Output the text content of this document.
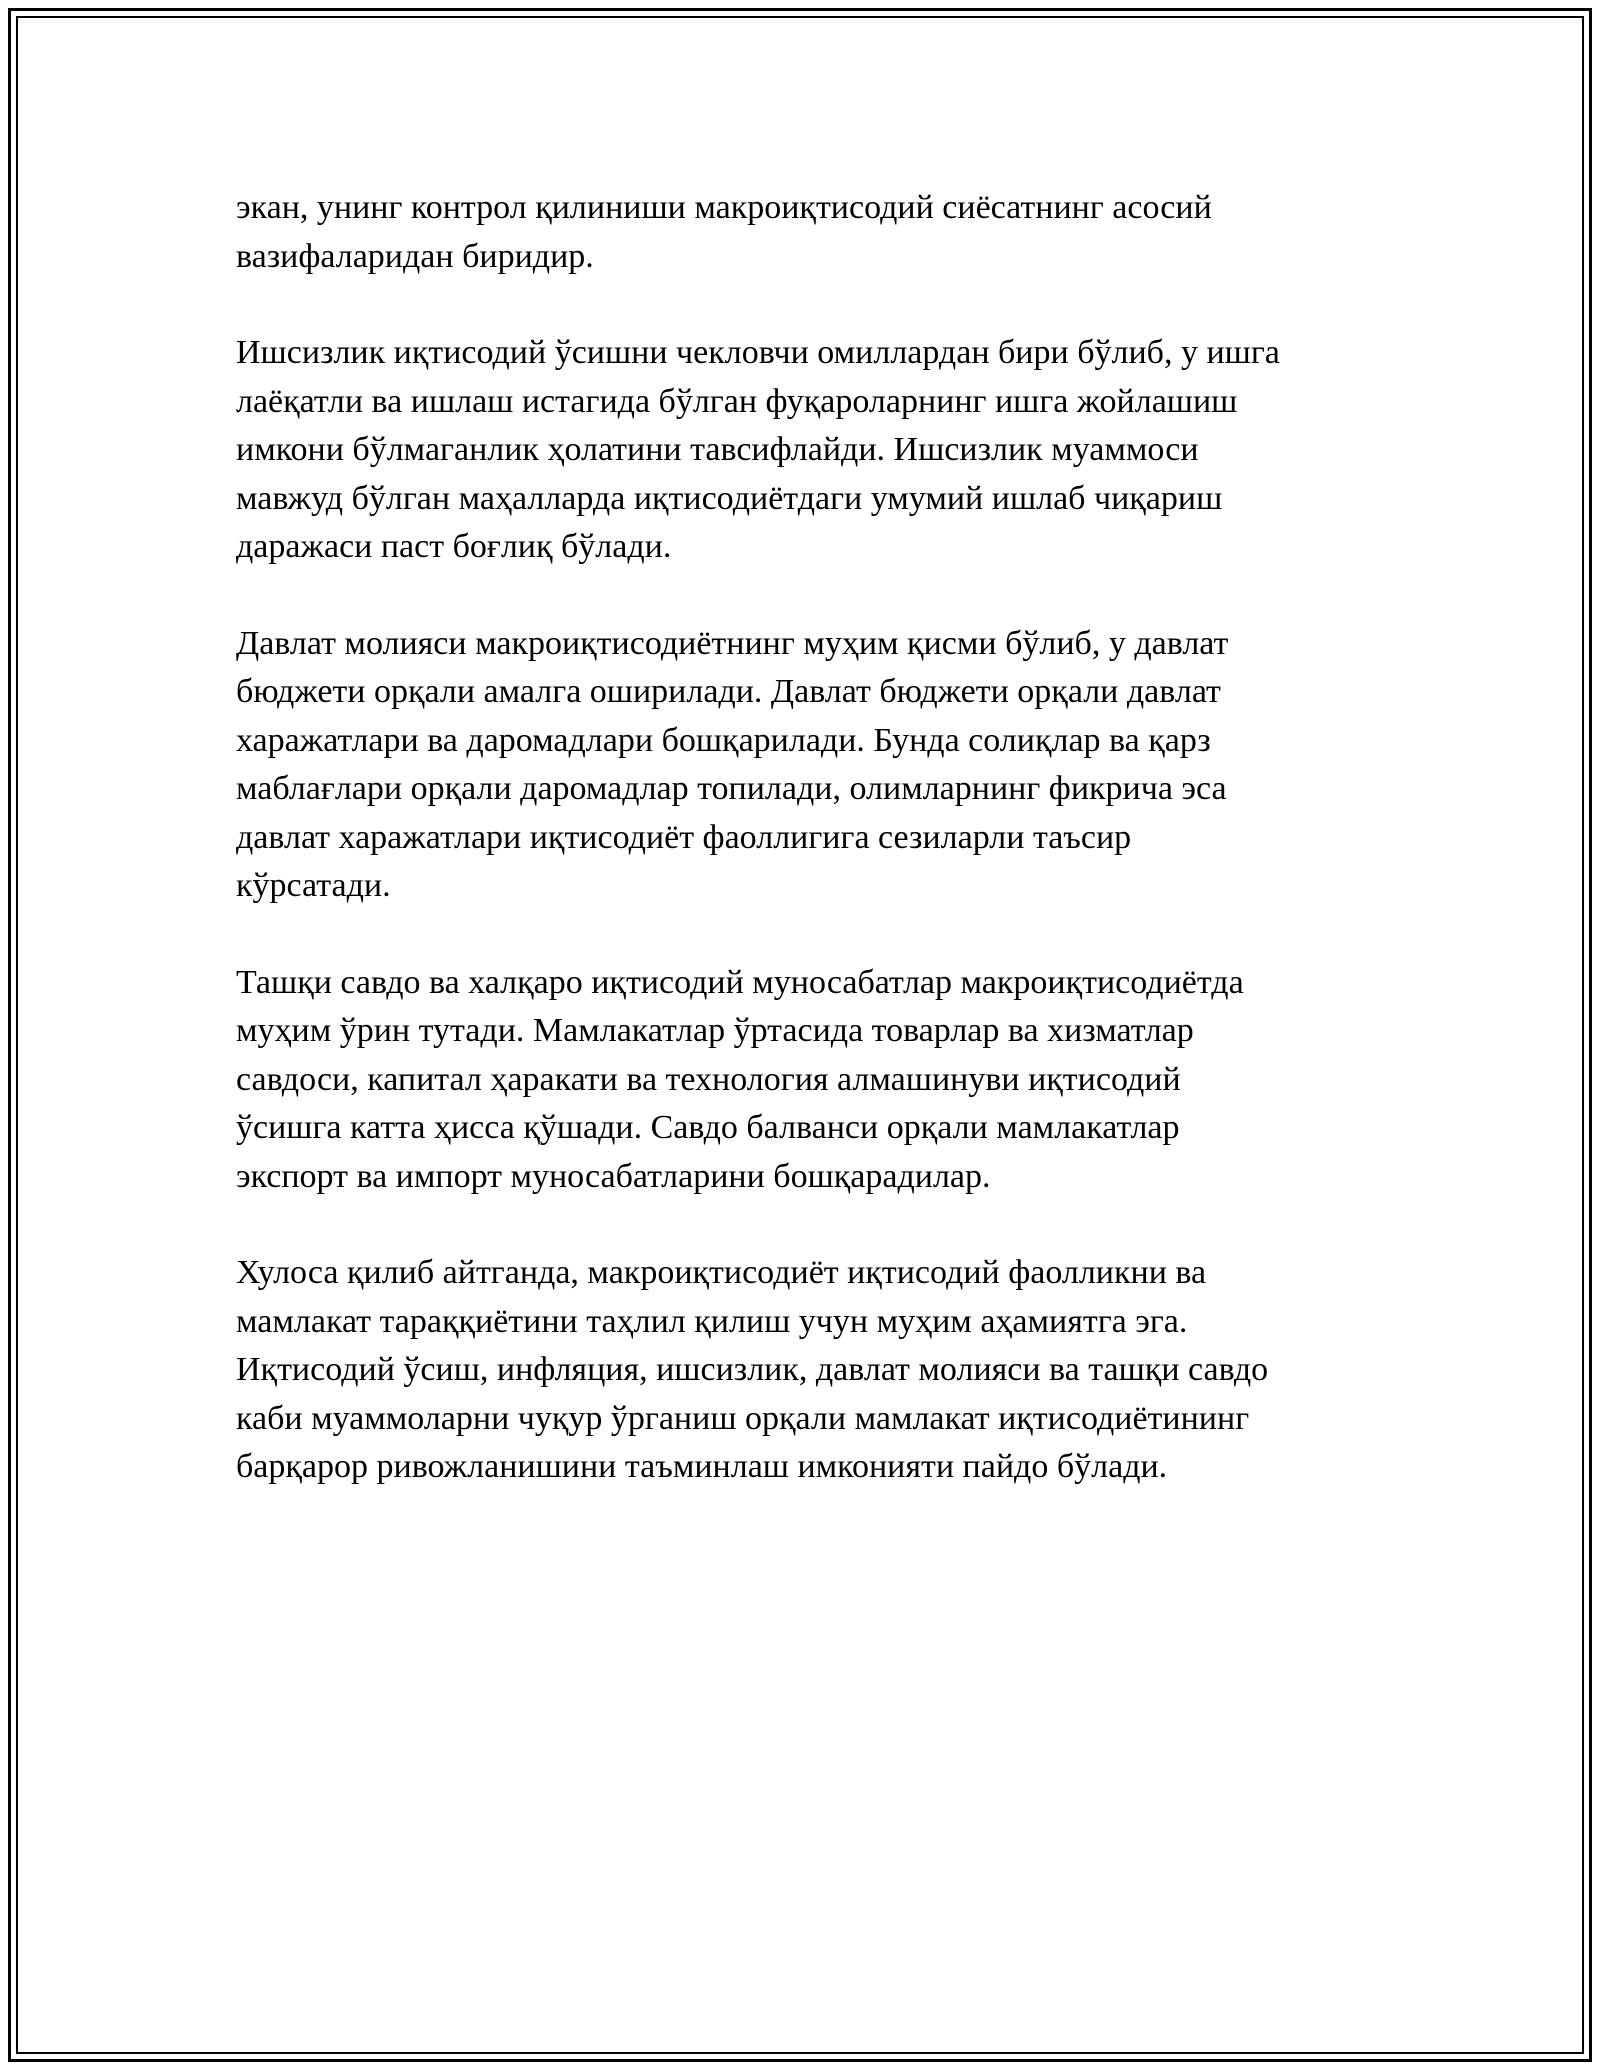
экан, унинг контрол қилиниши макроиқтисодий сиёсатнинг асосий
вазифаларидан биридир.

Ишсизлик иқтисодий ўсишни чекловчи омиллардан бири бўлиб, у ишга
лаёқатли ва ишлаш истагида бўлган фуқароларнинг ишга жойлашиш
имкони бўлмаганлик ҳолатини тавсифлайди. Ишсизлик муаммоси
мавжуд бўлган маҳалларда иқтисодиётдаги умумий ишлаб чиқариш
даражаси паст боғлиқ бўлади.

Давлат молияси макроиқтисодиётнинг муҳим қисми бўлиб, у давлат
бюджети орқали амалга оширилади. Давлат бюджети орқали давлат
харажатлари ва даромадлари бошқарилади. Бунда солиқлар ва қарз
маблағлари орқали даромадлар топилади, олимларнинг фикрича эса
давлат харажатлари иқтисодиёт фаоллигига сезиларли таъсир
кўрсатади.

Ташқи савдо ва халқаро иқтисодий муносабатлар макроиқтисодиётда
муҳим ўрин тутади. Мамлакатлар ўртасида товарлар ва хизматлар
савдоси, капитал ҳаракати ва технология алмашинуви иқтисодий
ўсишга катта ҳисса қўшади. Савдо балванси орқали мамлакатлар
экспорт ва импорт муносабатларини бошқарадилар.

Хулоса қилиб айтганда, макроиқтисодиёт иқтисодий фаолликни ва
мамлакат тараққиётини таҳлил қилиш учун муҳим аҳамиятга эга.
Иқтисодий ўсиш, инфляция, ишсизлик, давлат молияси ва ташқи савдо
каби муаммоларни чуқур ўрганиш орқали мамлакат иқтисодиётининг
барқарор ривожланишини таъминлаш имконияти пайдо бўлади.
